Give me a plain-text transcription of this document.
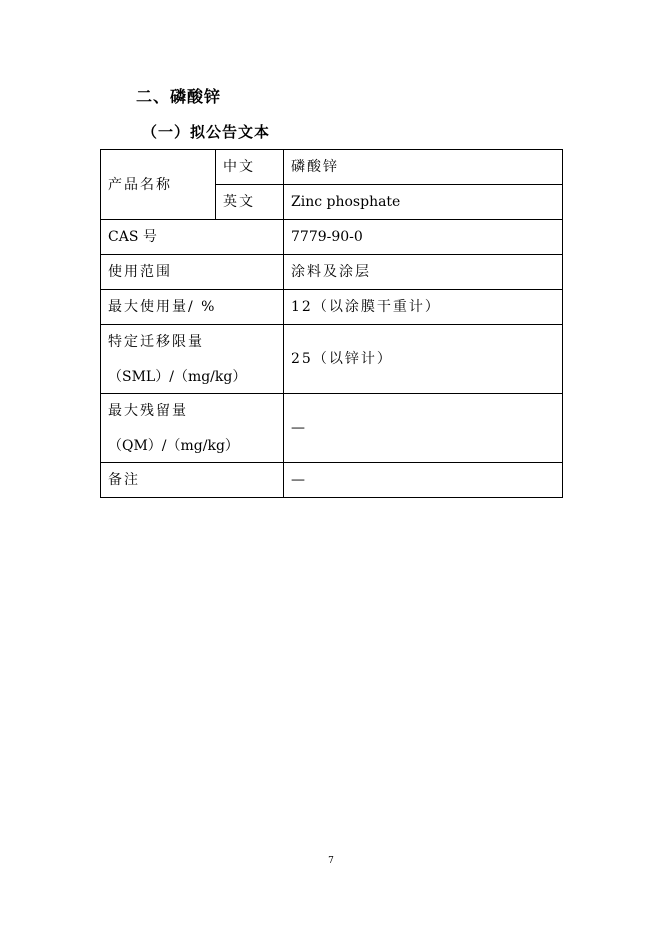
二、磷酸锌
（一）拟公告文本
产品名称	中文	磷酸锌
	英文	Zinc phosphate
CAS 号		7779-90-0
使用范围		涂料及涂层
最大使用量/ %		12（以涂膜干重计）

特定迁移限量
（SML）/（mg/kg）		25（以锌计）

最大残留量
（QM）/（mg/kg）		—
备注		—
7
